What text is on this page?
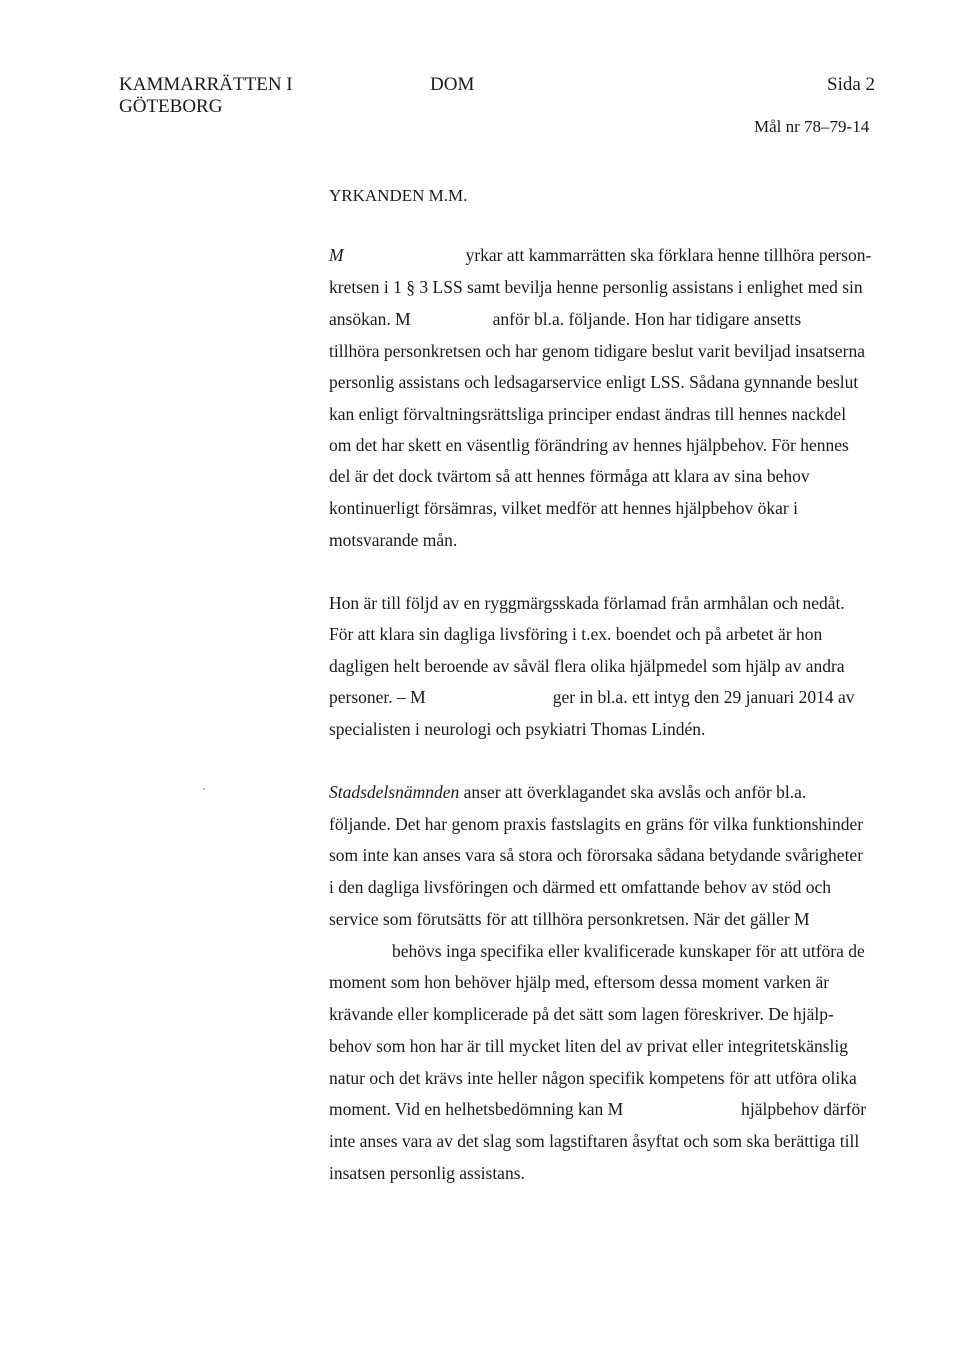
KAMMARRÄTTEN I
GÖTEBORG
DOM	Sida 2
Mål nr 78–79-14
YRKANDEN M.M.
M	yrkar att kammarrätten ska förklara henne tillhöra person-
kretsen i 1 § 3 LSS samt bevilja henne personlig assistans i enlighet med sin
ansökan. M	anför bl.a. följande. Hon har tidigare ansetts
tillhöra personkretsen och har genom tidigare beslut varit beviljad insatserna
personlig assistans och ledsagarservice enligt LSS. Sådana gynnande beslut
kan enligt förvaltningsrättsliga principer endast ändras till hennes nackdel
om det har skett en väsentlig förändring av hennes hjälpbehov. För hennes
del är det dock tvärtom så att hennes förmåga att klara av sina behov
kontinuerligt försämras, vilket medför att hennes hjälpbehov ökar i
motsvarande mån.
Hon är till följd av en ryggmärgsskada förlamad från armhålan och nedåt.
För att klara sin dagliga livsföring i t.ex. boendet och på arbetet är hon
dagligen helt beroende av såväl flera olika hjälpmedel som hjälp av andra
personer. – M	ger in bl.a. ett intyg den 29 januari 2014 av
specialisten i neurologi och psykiatri Thomas Lindén.
Stadsdelsnämnden anser att överklagandet ska avslås och anför bl.a.
följande. Det har genom praxis fastslagits en gräns för vilka funktionshinder
som inte kan anses vara så stora och förorsaka sådana betydande svårigheter
i den dagliga livsföringen och därmed ett omfattande behov av stöd och
service som förutsätts för att tillhöra personkretsen. När det gäller M
behövs inga specifika eller kvalificerade kunskaper för att utföra de
moment som hon behöver hjälp med, eftersom dessa moment varken är
krävande eller komplicerade på det sätt som lagen föreskriver. De hjälp-
behov som hon har är till mycket liten del av privat eller integritetskänslig
natur och det krävs inte heller någon specifik kompetens för att utföra olika
moment. Vid en helhetsbedömning kan M	hjälpbehov därför
inte anses vara av det slag som lagstiftaren åsyftat och som ska berättiga till
insatsen personlig assistans.
